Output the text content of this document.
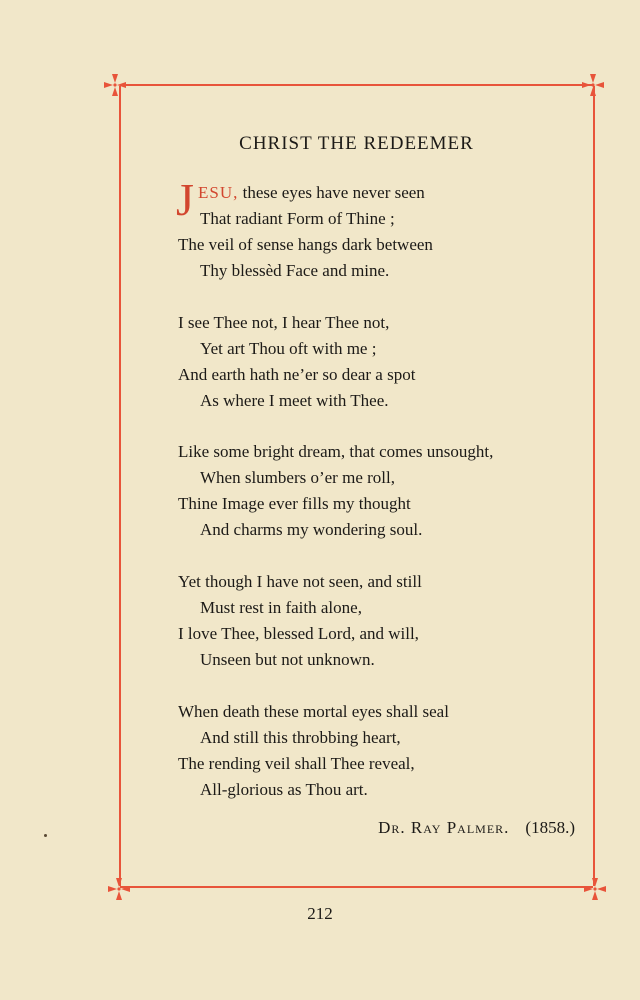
CHRIST THE REDEEMER
J ESU, these eyes have never seen

That radiant Form of Thine ;

The veil of sense hangs dark between

Thy blessèd Face and mine.

I see Thee not, I hear Thee not,

Yet art Thou oft with me ;

And earth hath ne’er so dear a spot

As where I meet with Thee.

Like some bright dream, that comes unsought,

When slumbers o’er me roll,

Thine Image ever fills my thought

And charms my wondering soul.

Yet though I have not seen, and still

Must rest in faith alone,

I love Thee, blessed Lord, and will,

Unseen but not unknown.

When death these mortal eyes shall seal

And still this throbbing heart,

The rending veil shall Thee reveal,

All-glorious as Thou art.

Dr. Ray Palmer. (1858.)
212
